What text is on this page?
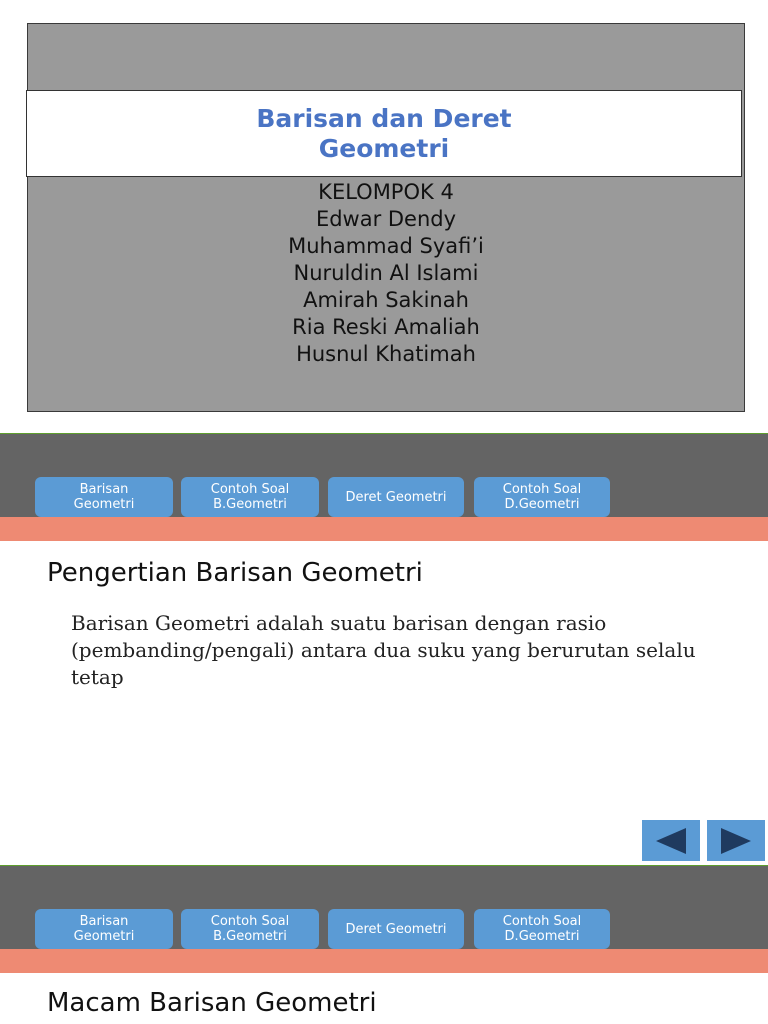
Barisan dan Deret
Geometri
KELOMPOK 4
Edwar Dendy
Muhammad Syafi’i
Nuruldin Al Islami
Amirah Sakinah
Ria Reski Amaliah
Husnul Khatimah
Barisan
Geometri
Contoh Soal
B.Geometri	Deret Geometri	Contoh Soal
D.Geometri
Pengertian Barisan Geometri
Barisan Geometri adalah suatu barisan dengan rasio (pembanding/pengali) antara dua suku yang berurutan selalu tetap
Barisan
Geometri
Contoh Soal
B.Geometri	Deret Geometri	Contoh Soal
D.Geometri
Macam Barisan Geometri
